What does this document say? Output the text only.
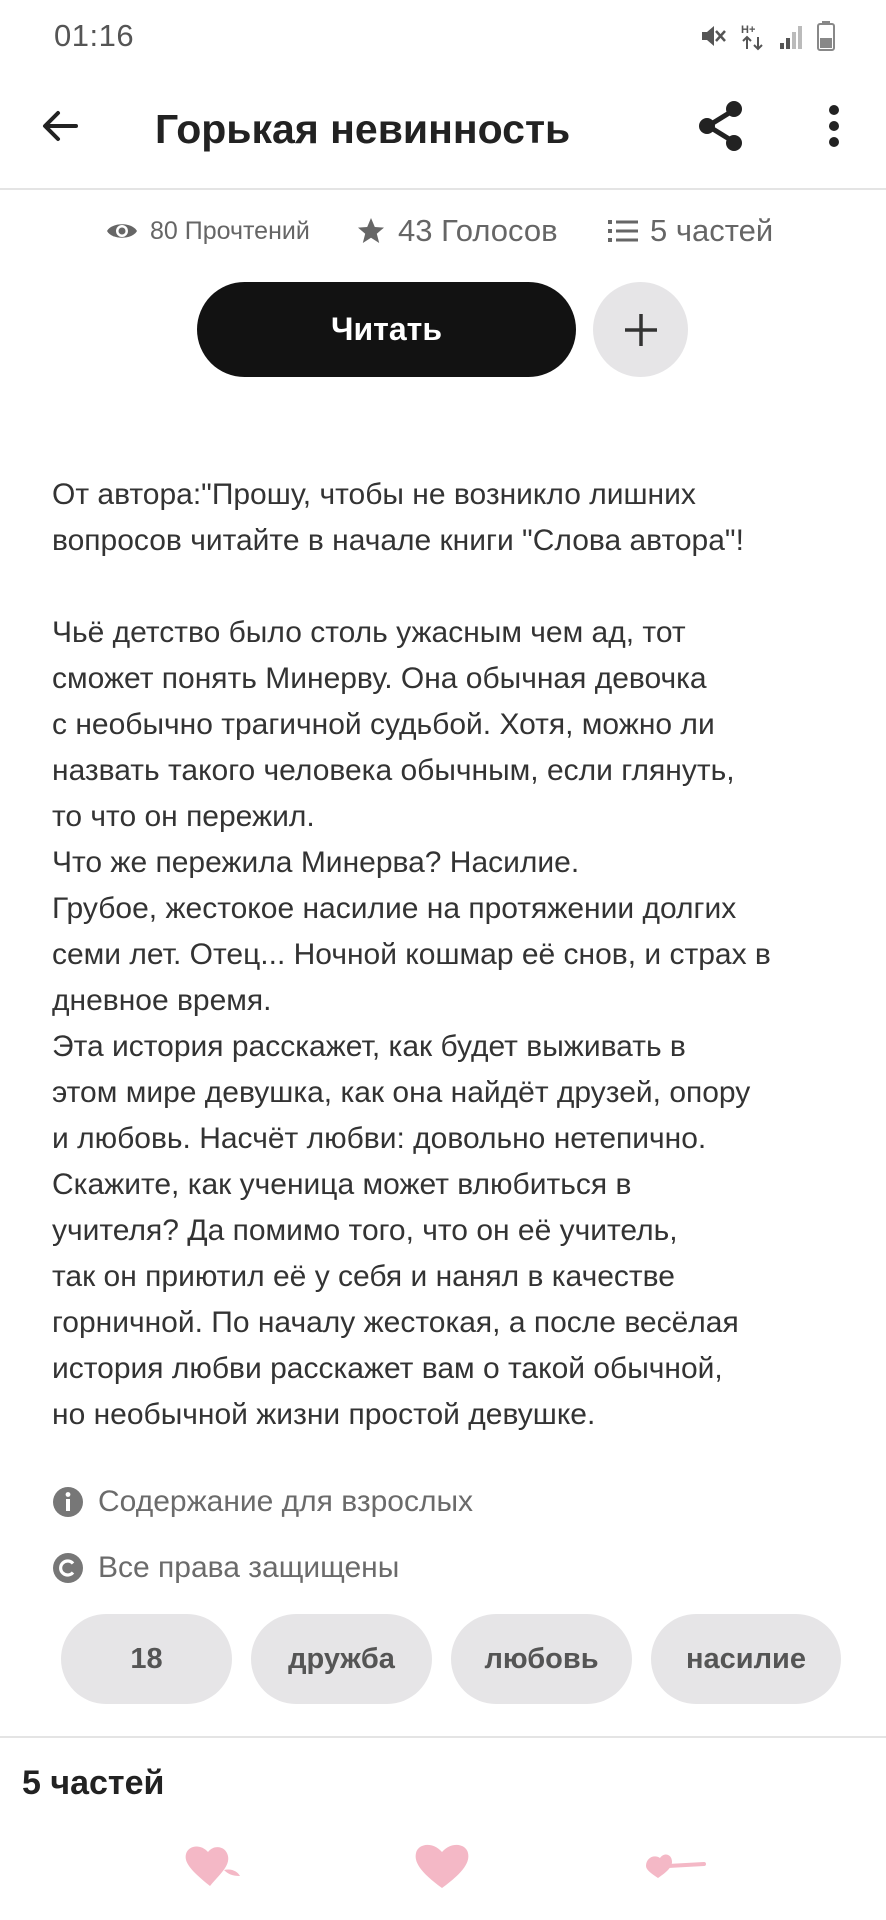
01:16	H+
Горькая невинность
80 Прочтений	43 Голосов	5 частей
Читать
От автора:"Прошу, чтобы не возникло лишних
вопросов читайте в начале книги "Слова автора"!

Чьё детство было столь ужасным чем ад, тот
сможет понять Минерву. Она обычная девочка
с необычно трагичной судьбой. Хотя, можно ли
назвать такого человека обычным, если глянуть,
то что он пережил.
Что же пережила Минерва? Насилие.
Грубое, жестокое насилие на протяжении долгих
семи лет. Отец... Ночной кошмар её снов, и страх в
дневное время.
Эта история расскажет, как будет выживать в
этом мире девушка, как она найдёт друзей, опору
и любовь. Насчёт любви: довольно нетепично.
Скажите, как ученица может влюбиться в
учителя? Да помимо того, что он её учитель,
так он приютил её у себя и нанял в качестве
горничной. По началу жестокая, а после весёлая
история любви расскажет вам о такой обычной,
но необычной жизни простой девушке.
Содержание для взрослых
Все права защищены
18	дружба	любовь	насилие
5 частей
